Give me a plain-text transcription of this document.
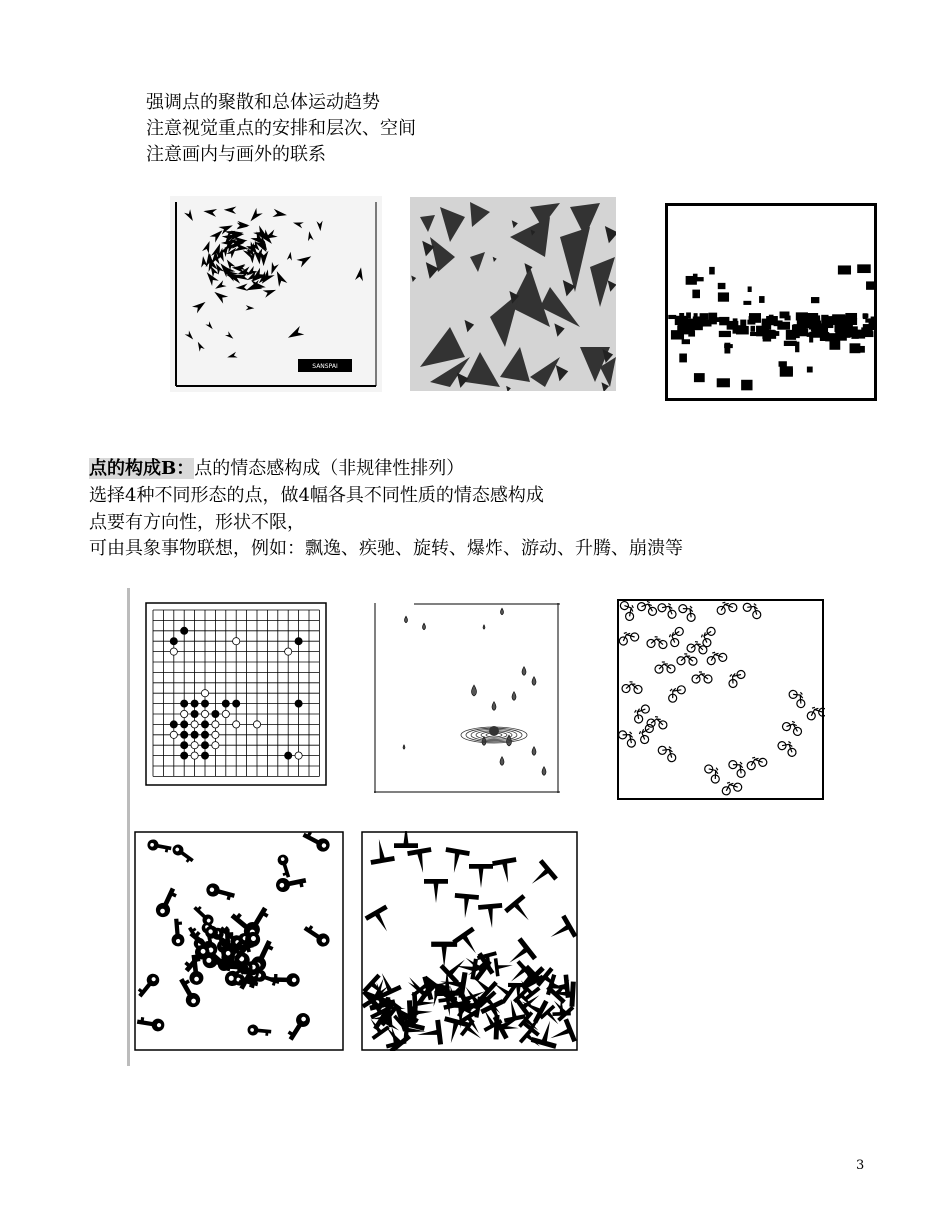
强调点的聚散和总体运动趋势
注意视觉重点的安排和层次、空间
注意画内与画外的联系
SANSPAI
点的构成B：点的情态感构成（非规律性排列）
选择4种不同形态的点，做4幅各具不同性质的情态感构成
点要有方向性，形状不限，
可由具象事物联想，例如：飘逸、疾驰、旋转、爆炸、游动、升腾、崩溃等
3
